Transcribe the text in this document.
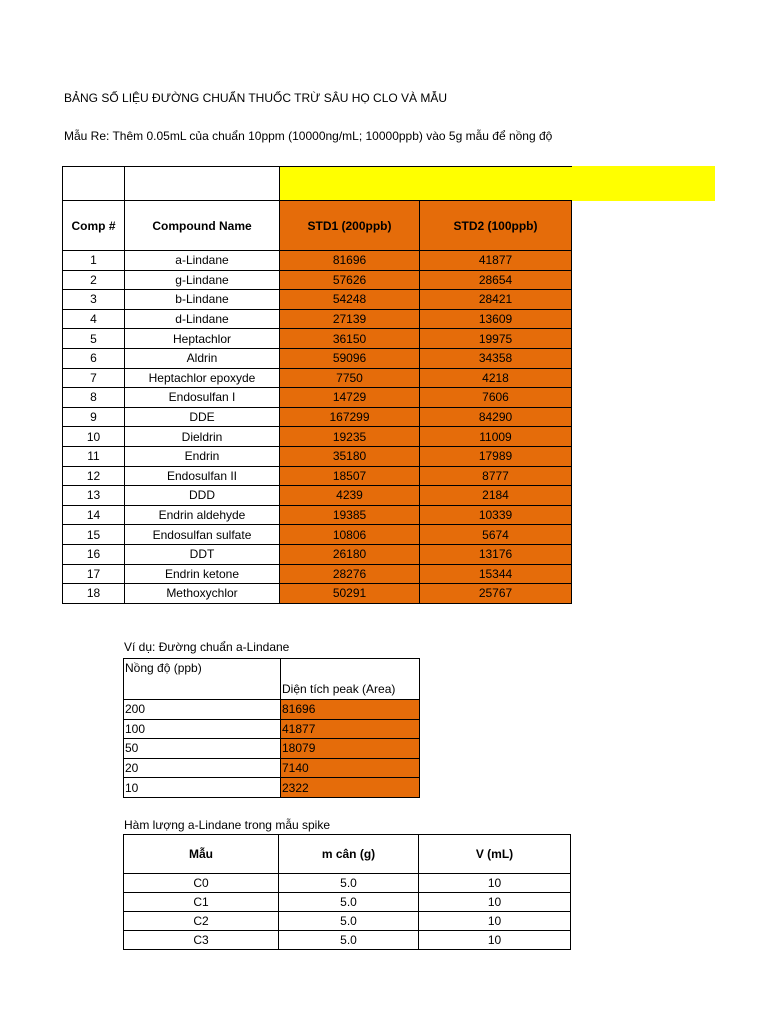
BẢNG SỐ LIỆU ĐƯỜNG CHUẨN THUỐC TRỪ SÂU HỌ CLO VÀ MẪU
Mẫu Re: Thêm 0.05mL của chuẩn 10ppm (10000ng/mL; 10000ppb) vào 5g mẫu để nồng độ

Comp #	Compound Name	STD1 (200ppb)	STD2 (100ppb)
1	a-Lindane	81696	41877
2	g-Lindane	57626	28654
3	b-Lindane	54248	28421
4	d-Lindane	27139	13609
5	Heptachlor	36150	19975
6	Aldrin	59096	34358
7	Heptachlor epoxyde	7750	4218
8	Endosulfan I	14729	7606
9	DDE	167299	84290
10	Dieldrin	19235	11009
11	Endrin	35180	17989
12	Endosulfan II	18507	8777
13	DDD	4239	2184
14	Endrin aldehyde	19385	10339
15	Endosulfan sulfate	10806	5674
16	DDT	26180	13176
17	Endrin ketone	28276	15344
18	Methoxychlor	50291	25767
Ví dụ: Đường chuẩn a-Lindane
Nồng độ (ppb)	Diện tích peak (Area)
200	81696
100	41877
50	18079
20	7140
10	2322
Hàm lượng a-Lindane trong mẫu spike
Mẫu	m cân (g)	V (mL)
C0	5.0	10
C1	5.0	10
C2	5.0	10
C3	5.0	10
